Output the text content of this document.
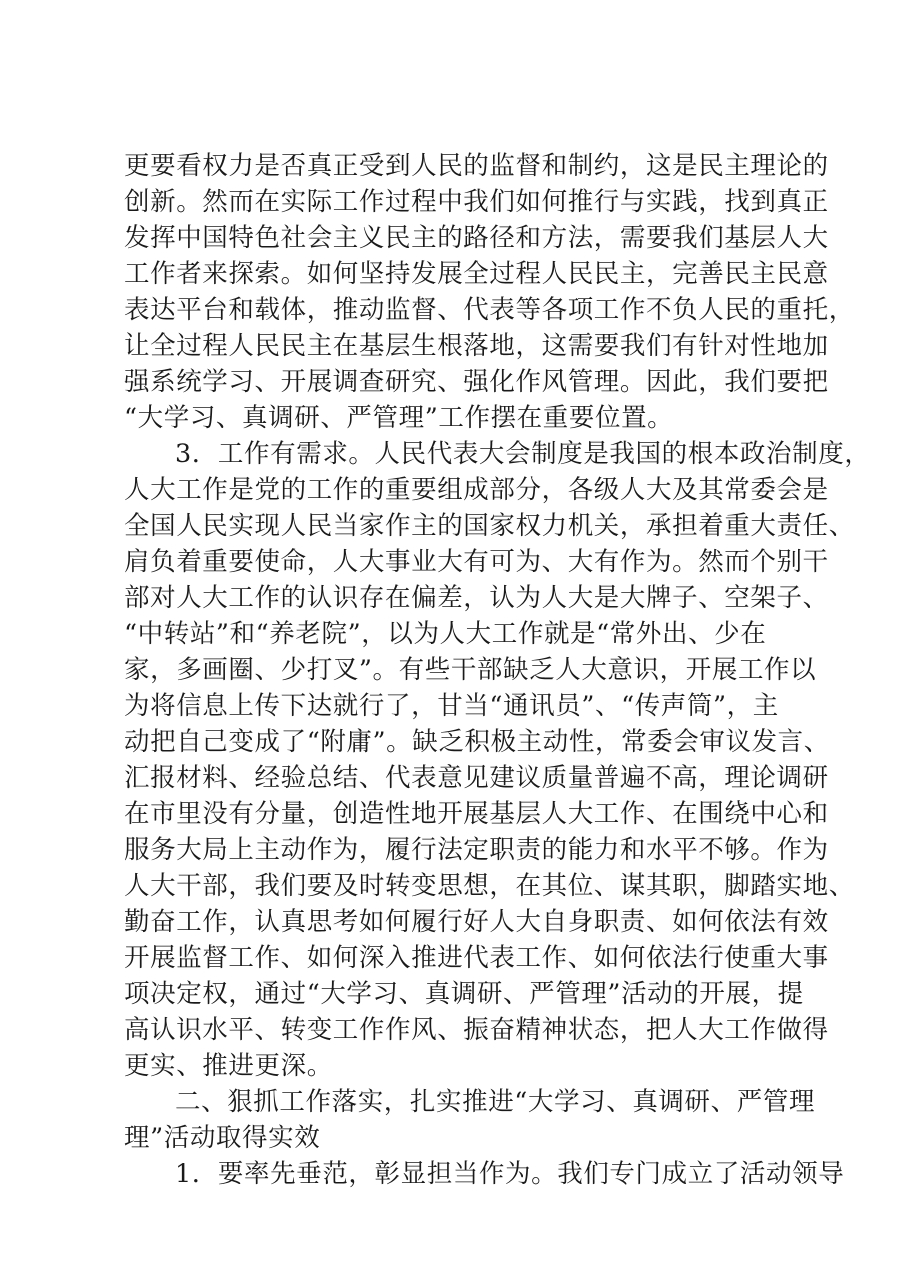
更要看权力是否真正受到人民的监督和制约，这是民主理论的
创新。然而在实际工作过程中我们如何推行与实践，找到真正
发挥中国特色社会主义民主的路径和方法，需要我们基层人大
工作者来探索。如何坚持发展全过程人民民主，完善民主民意
表达平台和载体，推动监督、代表等各项工作不负人民的重托，
让全过程人民民主在基层生根落地，这需要我们有针对性地加
强系统学习、开展调查研究、强化作风管理。因此，我们要把
“大学习、真调研、严管理”工作摆在重要位置。
3．工作有需求。人民代表大会制度是我国的根本政治制度，
人大工作是党的工作的重要组成部分，各级人大及其常委会是
全国人民实现人民当家作主的国家权力机关，承担着重大责任、
肩负着重要使命，人大事业大有可为、大有作为。然而个别干
部对人大工作的认识存在偏差，认为人大是大牌子、空架子、
“中转站”和“养老院”，以为人大工作就是“常外出、少在
家，多画圈、少打叉”。有些干部缺乏人大意识，开展工作以
为将信息上传下达就行了，甘当“通讯员”、“传声筒”，主
动把自己变成了“附庸”。缺乏积极主动性，常委会审议发言、
汇报材料、经验总结、代表意见建议质量普遍不高，理论调研
在市里没有分量，创造性地开展基层人大工作、在围绕中心和
服务大局上主动作为，履行法定职责的能力和水平不够。作为
人大干部，我们要及时转变思想，在其位、谋其职，脚踏实地、
勤奋工作，认真思考如何履行好人大自身职责、如何依法有效
开展监督工作、如何深入推进代表工作、如何依法行使重大事
项决定权，通过“大学习、真调研、严管理”活动的开展，提
高认识水平、转变工作作风、振奋精神状态，把人大工作做得
更实、推进更深。
二、狠抓工作落实，扎实推进“大学习、真调研、严管理
理”活动取得实效
1．要率先垂范，彰显担当作为。我们专门成立了活动领导
